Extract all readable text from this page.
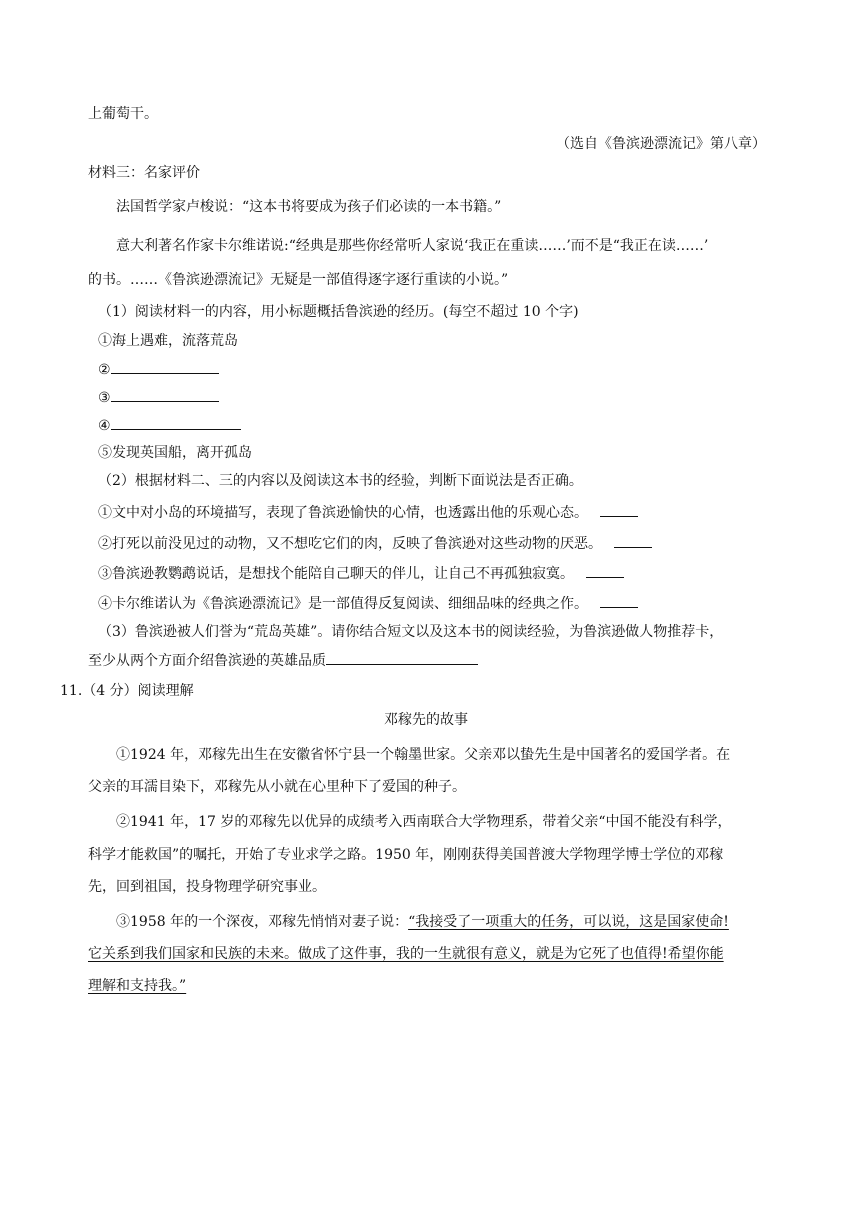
上葡萄干。
（选自《鲁滨逊漂流记》第八章）
材料三：名家评价
法国哲学家卢梭说：“这本书将要成为孩子们必读的一本书籍。”
意大利著名作家卡尔维诺说:“经典是那些你经常听人家说‘我正在重读……’而不是“我正在读……’
的书。……《鲁滨逊漂流记》无疑是一部值得逐字逐行重读的小说。”
（1）阅读材料一的内容，用小标题概括鲁滨逊的经历。(每空不超过 10 个字)
①海上遇难，流落荒岛
②
③
④
⑤发现英国船，离开孤岛
（2）根据材料二、三的内容以及阅读这本书的经验，判断下面说法是否正确。
①文中对小岛的环境描写，表现了鲁滨逊愉快的心情，也透露出他的乐观心态。
②打死以前没见过的动物，又不想吃它们的肉，反映了鲁滨逊对这些动物的厌恶。
③鲁滨逊教鹦鹉说话，是想找个能陪自己聊天的伴儿，让自己不再孤独寂寞。
④卡尔维诺认为《鲁滨逊漂流记》是一部值得反复阅读、细细品味的经典之作。
（3）鲁滨逊被人们誉为“荒岛英雄”。请你结合短文以及这本书的阅读经验，为鲁滨逊做人物推荐卡，
至少从两个方面介绍鲁滨逊的英雄品质
11.（4 分）阅读理解
邓稼先的故事
①1924 年，邓稼先出生在安徽省怀宁县一个翰墨世家。父亲邓以蛰先生是中国著名的爱国学者。在
父亲的耳濡目染下，邓稼先从小就在心里种下了爱国的种子。
②1941 年，17 岁的邓稼先以优异的成绩考入西南联合大学物理系，带着父亲“中国不能没有科学，
科学才能救国”的嘱托，开始了专业求学之路。1950 年，刚刚获得美国普渡大学物理学博士学位的邓稼
先，回到祖国，投身物理学研究事业。
③1958 年的一个深夜，邓稼先悄悄对妻子说：“我接受了一项重大的任务，可以说，这是国家使命!
它关系到我们国家和民族的未来。做成了这件事，我的一生就很有意义，就是为它死了也值得!希望你能
理解和支持我。”
